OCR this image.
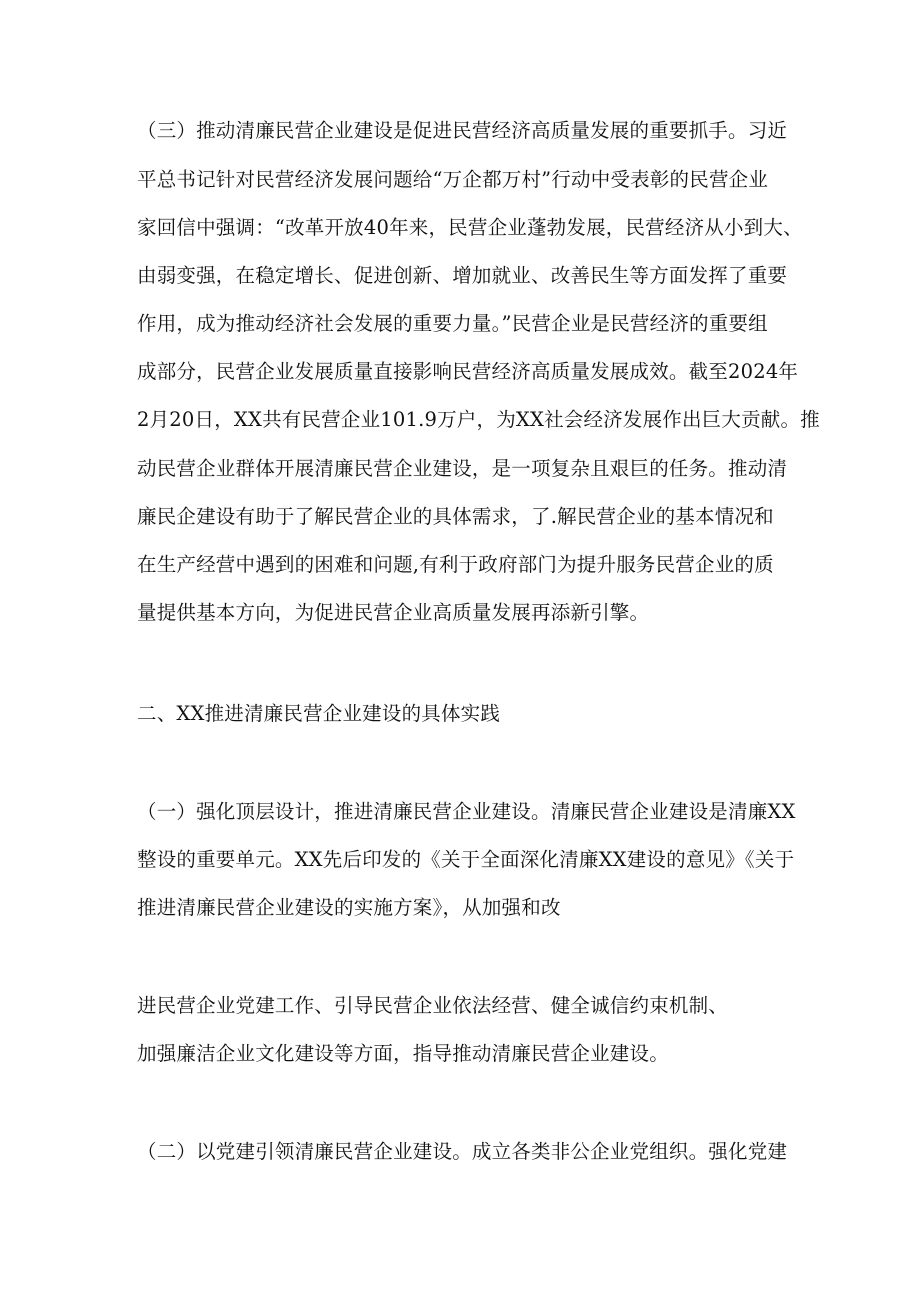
（三）推动清廉民营企业建设是促进民营经济高质量发展的重要抓手。习近
平总书记针对民营经济发展问题给“万企都万村”行动中受表彰的民营企业
家回信中强调：“改革开放40年来，民营企业蓬勃发展，民营经济从小到大、
由弱变强，在稳定增长、促进创新、增加就业、改善民生等方面发挥了重要
作用，成为推动经济社会发展的重要力量。”民营企业是民营经济的重要组
成部分，民营企业发展质量直接影响民营经济高质量发展成效。截至2024年
2月20日，XX共有民营企业101.9万户，为XX社会经济发展作出巨大贡献。推
动民营企业群体开展清廉民营企业建设，是一项复杂且艰巨的任务。推动清
廉民企建设有助于了解民营企业的具体需求，了.解民营企业的基本情况和
在生产经营中遇到的困难和问题,有利于政府部门为提升服务民营企业的质
量提供基本方向，为促进民营企业高质量发展再添新引擎。
二、XX推进清廉民营企业建设的具体实践
（一）强化顶层设计，推进清廉民营企业建设。清廉民营企业建设是清廉XX
整设的重要单元。XX先后印发的《关于全面深化清廉XX建设的意见》《关于
推进清廉民营企业建设的实施方案》，从加强和改
进民营企业党建工作、引导民营企业依法经营、健全诚信约束机制、
加强廉洁企业文化建设等方面，指导推动清廉民营企业建设。
（二）以党建引领清廉民营企业建设。成立各类非公企业党组织。强化党建
